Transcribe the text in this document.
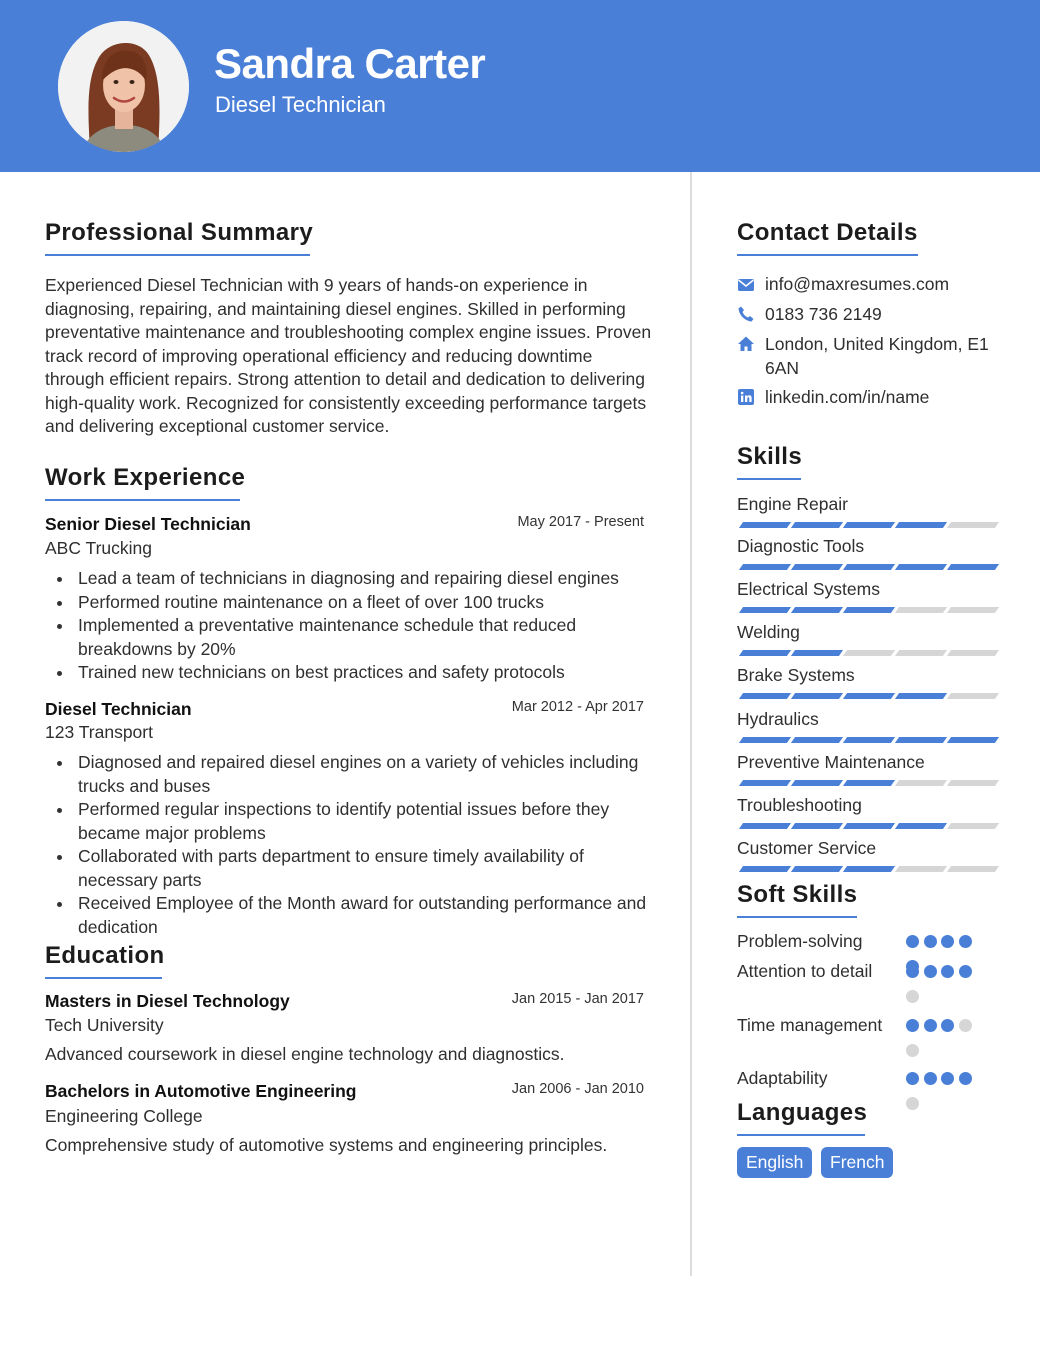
Sandra Carter
Diesel Technician
Professional Summary
Experienced Diesel Technician with 9 years of hands-on experience in diagnosing, repairing, and maintaining diesel engines. Skilled in performing preventative maintenance and troubleshooting complex engine issues. Proven track record of improving operational efficiency and reducing downtime through efficient repairs. Strong attention to detail and dedication to delivering high-quality work. Recognized for consistently exceeding performance targets and delivering exceptional customer service.
Work Experience
Senior Diesel Technician	May 2017 - Present
ABC Trucking
Lead a team of technicians in diagnosing and repairing diesel engines
Performed routine maintenance on a fleet of over 100 trucks
Implemented a preventative maintenance schedule that reduced breakdowns by 20%
Trained new technicians on best practices and safety protocols
Diesel Technician	Mar 2012 - Apr 2017
123 Transport
Diagnosed and repaired diesel engines on a variety of vehicles including trucks and buses
Performed regular inspections to identify potential issues before they became major problems
Collaborated with parts department to ensure timely availability of necessary parts
Received Employee of the Month award for outstanding performance and dedication
Education
Masters in Diesel Technology	Jan 2015 - Jan 2017
Tech University
Advanced coursework in diesel engine technology and diagnostics.
Bachelors in Automotive Engineering	Jan 2006 - Jan 2010
Engineering College
Comprehensive study of automotive systems and engineering principles.
Contact Details
info@maxresumes.com
0183 736 2149
London, United Kingdom, E1 6AN
linkedin.com/in/name
Skills
Engine Repair
Diagnostic Tools
Electrical Systems
Welding
Brake Systems
Hydraulics
Preventive Maintenance
Troubleshooting
Customer Service
Soft Skills
Problem-solving
Attention to detail
Time management
Adaptability
Languages
English	French
